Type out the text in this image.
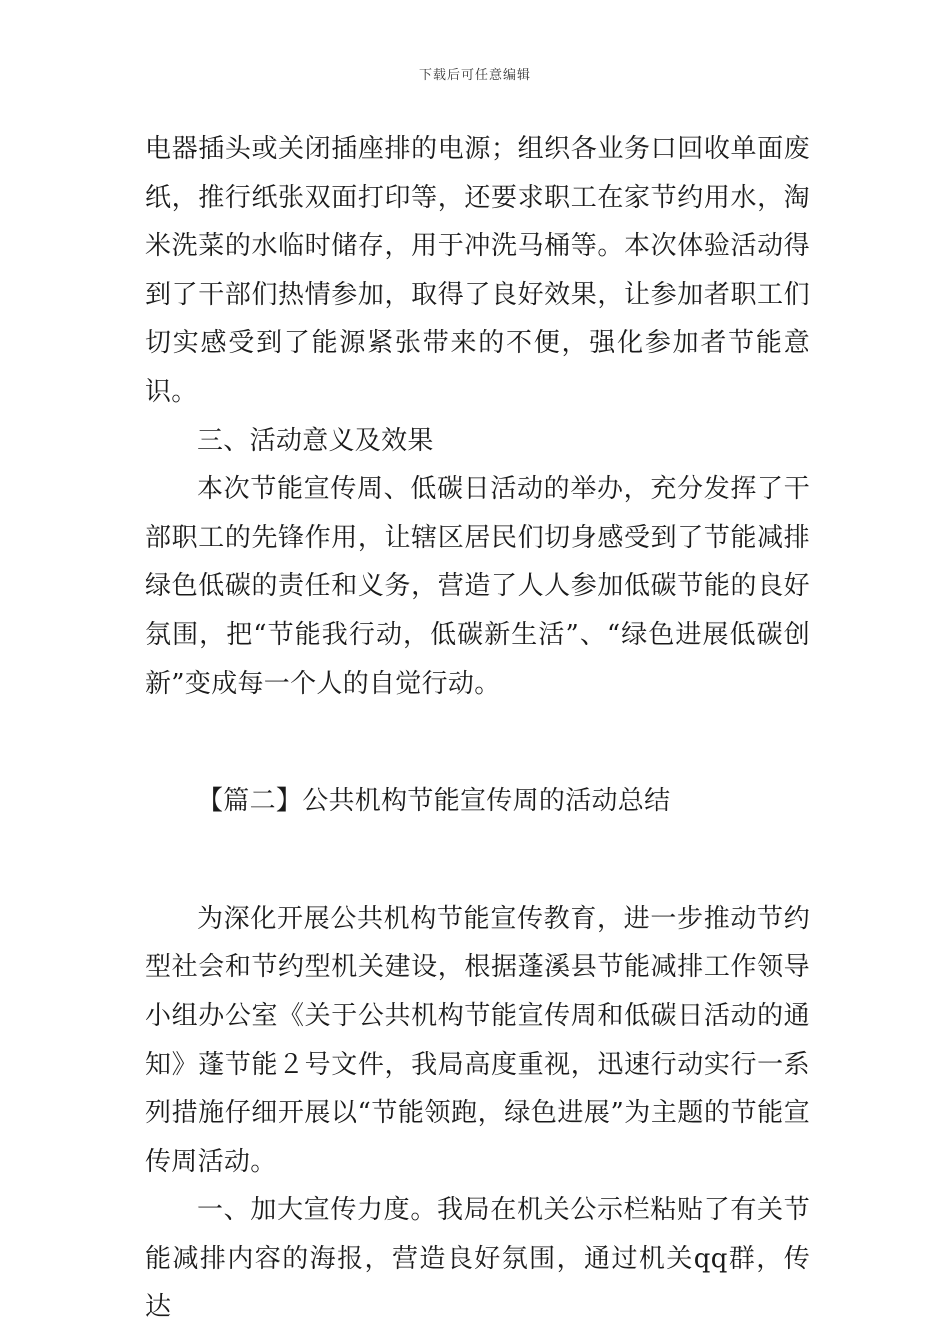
下载后可任意编辑

电器插头或关闭插座排的电源；组织各业务口回收单面废纸，推行纸张双面打印等，还要求职工在家节约用水，淘米洗菜的水临时储存，用于冲洗马桶等。本次体验活动得到了干部们热情参加，取得了良好效果，让参加者职工们切实感受到了能源紧张带来的不便，强化参加者节能意识。

三、活动意义及效果

本次节能宣传周、低碳日活动的举办，充分发挥了干部职工的先锋作用，让辖区居民们切身感受到了节能减排绿色低碳的责任和义务，营造了人人参加低碳节能的良好氛围，把“节能我行动，低碳新生活”、“绿色进展低碳创新”变成每一个人的自觉行动。

【篇二】公共机构节能宣传周的活动总结

为深化开展公共机构节能宣传教育，进一步推动节约型社会和节约型机关建设，根据蓬溪县节能减排工作领导小组办公室《关于公共机构节能宣传周和低碳日活动的通知》蓬节能２号文件，我局高度重视，迅速行动实行一系列措施仔细开展以“节能领跑，绿色进展”为主题的节能宣传周活动。

一、加大宣传力度。我局在机关公示栏粘贴了有关节能减排内容的海报，营造良好氛围，通过机关qq群，传达
